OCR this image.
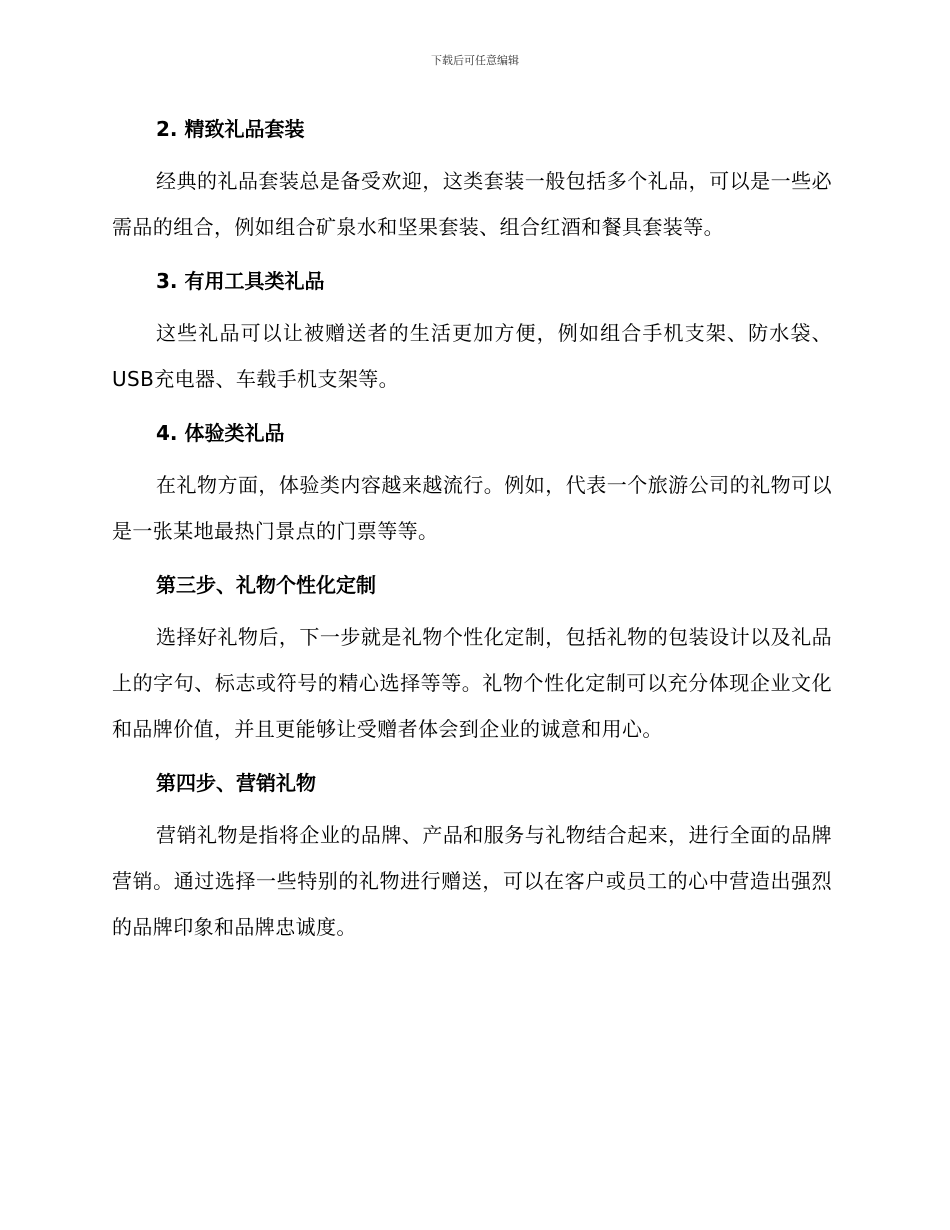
下载后可任意编辑
2. 精致礼品套装

经典的礼品套装总是备受欢迎，这类套装一般包括多个礼品，可以是一些必需品的组合，例如组合矿泉水和坚果套装、组合红酒和餐具套装等。

3. 有用工具类礼品

这些礼品可以让被赠送者的生活更加方便，例如组合手机支架、防水袋、USB充电器、车载手机支架等。

4. 体验类礼品

在礼物方面，体验类内容越来越流行。例如，代表一个旅游公司的礼物可以是一张某地最热门景点的门票等等。

第三步、礼物个性化定制

选择好礼物后，下一步就是礼物个性化定制，包括礼物的包装设计以及礼品上的字句、标志或符号的精心选择等等。礼物个性化定制可以充分体现企业文化和品牌价值，并且更能够让受赠者体会到企业的诚意和用心。

第四步、营销礼物

营销礼物是指将企业的品牌、产品和服务与礼物结合起来，进行全面的品牌营销。通过选择一些特别的礼物进行赠送，可以在客户或员工的心中营造出强烈的品牌印象和品牌忠诚度。
